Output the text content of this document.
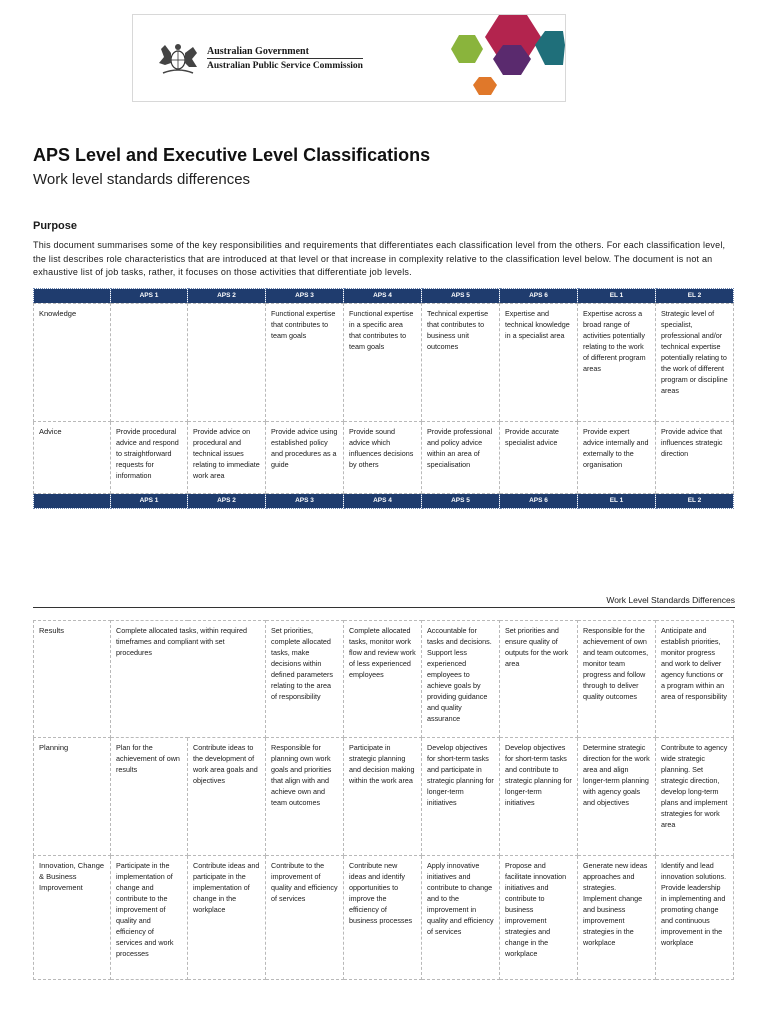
Australian Government
Australian Public Service Commission
APS Level and Executive Level Classifications
Work level standards differences
Purpose
This document summarises some of the key responsibilities and requirements that differentiates each classification level from the others. For each classification level, the list describes role characteristics that are introduced at that level or that increase in complexity relative to the classification level below. The document is not an exhaustive list of job tasks, rather, it focuses on those activities that differentiate job levels.
	APS 1	APS 2	APS 3	APS 4	APS 5	APS 6	EL 1	EL 2
Knowledge			Functional expertise that contributes to team goals	Functional expertise in a specific area that contributes to team goals	Technical expertise that contributes to business unit outcomes	Expertise and technical knowledge in a specialist area	Expertise across a broad range of activities potentially relating to the work of different program areas	Strategic level of specialist, professional and/or technical expertise potentially relating to the work of different program or discipline areas
Advice	Provide procedural advice and respond to straightforward requests for information	Provide advice on procedural and technical issues relating to immediate work area	Provide advice using established policy and procedures as a guide	Provide sound advice which influences decisions by others	Provide professional and policy advice within an area of specialisation	Provide accurate specialist advice	Provide expert advice internally and externally to the organisation	Provide advice that influences strategic direction
	APS 1	APS 2	APS 3	APS 4	APS 5	APS 6	EL 1	EL 2
Work Level Standards Differences
Results	Complete allocated tasks, within required timeframes and compliant with set procedures		Set priorities, complete allocated tasks, make decisions within defined parameters relating to the area of responsibility	Complete allocated tasks, monitor work flow and review work of less experienced employees	Accountable for tasks and decisions. Support less experienced employees to achieve goals by providing guidance and quality assurance	Set priorities and ensure quality of outputs for the work area	Responsible for the achievement of own and team outcomes, monitor team progress and follow through to deliver quality outcomes	Anticipate and establish priorities, monitor progress and work to deliver agency functions or a program within an area of responsibility
Planning	Plan for the achievement of own results	Contribute ideas to the development of work area goals and objectives	Responsible for planning own work goals and priorities that align with and achieve own and team outcomes	Participate in strategic planning and decision making within the work area	Develop objectives for short-term tasks and participate in strategic planning for longer-term initiatives	Develop objectives for short-term tasks and contribute to strategic planning for longer-term initiatives	Determine strategic direction for the work area and align longer-term planning with agency goals and objectives	Contribute to agency wide strategic planning. Set strategic direction, develop long-term plans and implement strategies for work area
Innovation, Change & Business Improvement	Participate in the implementation of change and contribute to the improvement of quality and efficiency of services and work processes	Contribute ideas and participate in the implementation of change in the workplace	Contribute to the improvement of quality and efficiency of services	Contribute new ideas and identify opportunities to improve the efficiency of business processes	Apply innovative initiatives and contribute to change and to the improvement in quality and efficiency of services	Propose and facilitate innovation initiatives and contribute to business improvement strategies and change in the workplace	Generate new ideas approaches and strategies. Implement change and business improvement strategies in the workplace	Identify and lead innovation solutions. Provide leadership in implementing and promoting change and continuous improvement in the workplace
